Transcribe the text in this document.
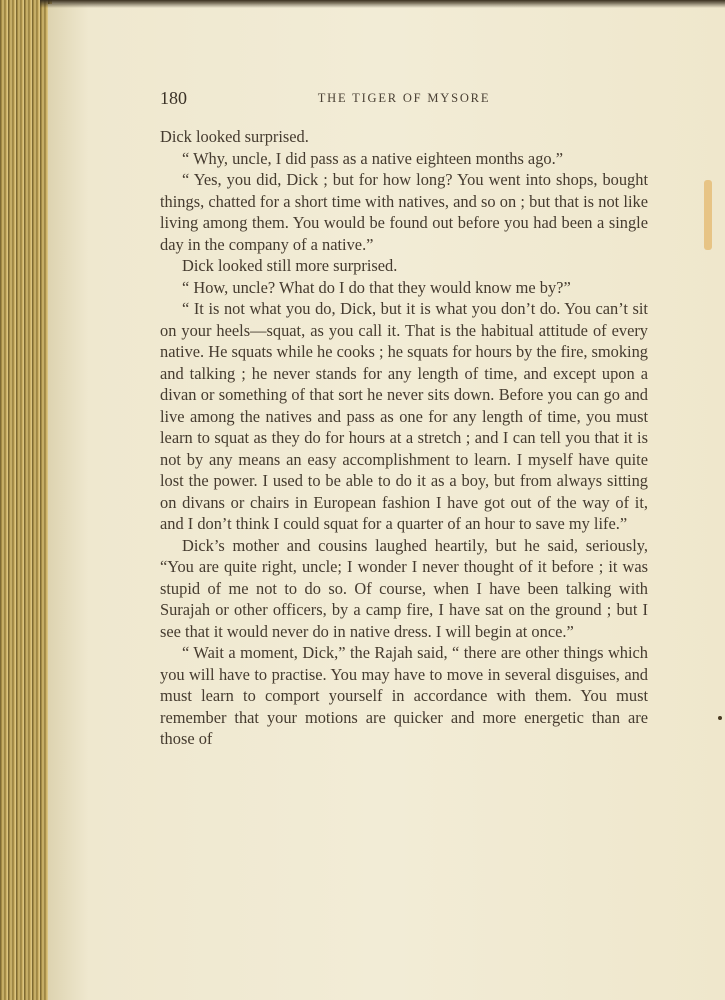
180	THE TIGER OF MYSORE

Dick looked surprised.

“ Why, uncle, I did pass as a native eighteen months ago.”

“ Yes, you did, Dick ; but for how long? You went into shops, bought things, chatted for a short time with natives, and so on ; but that is not like living among them. You would be found out before you had been a single day in the company of a native.”

Dick looked still more surprised.

“ How, uncle? What do I do that they would know me by?”

“ It is not what you do, Dick, but it is what you don’t do. You can’t sit on your heels—squat, as you call it. That is the habitual attitude of every native. He squats while he cooks ; he squats for hours by the fire, smoking and talking ; he never stands for any length of time, and except upon a divan or something of that sort he never sits down. Before you can go and live among the natives and pass as one for any length of time, you must learn to squat as they do for hours at a stretch ; and I can tell you that it is not by any means an easy accomplishment to learn. I myself have quite lost the power. I used to be able to do it as a boy, but from always sitting on divans or chairs in European fashion I have got out of the way of it, and I don’t think I could squat for a quarter of an hour to save my life.”

Dick’s mother and cousins laughed heartily, but he said, seriously, “You are quite right, uncle; I wonder I never thought of it before ; it was stupid of me not to do so. Of course, when I have been talking with Surajah or other officers, by a camp fire, I have sat on the ground ; but I see that it would never do in native dress. I will begin at once.”

“ Wait a moment, Dick,” the Rajah said, “ there are other things which you will have to practise. You may have to move in several disguises, and must learn to comport yourself in accordance with them. You must remember that your motions are quicker and more energetic than are those of
